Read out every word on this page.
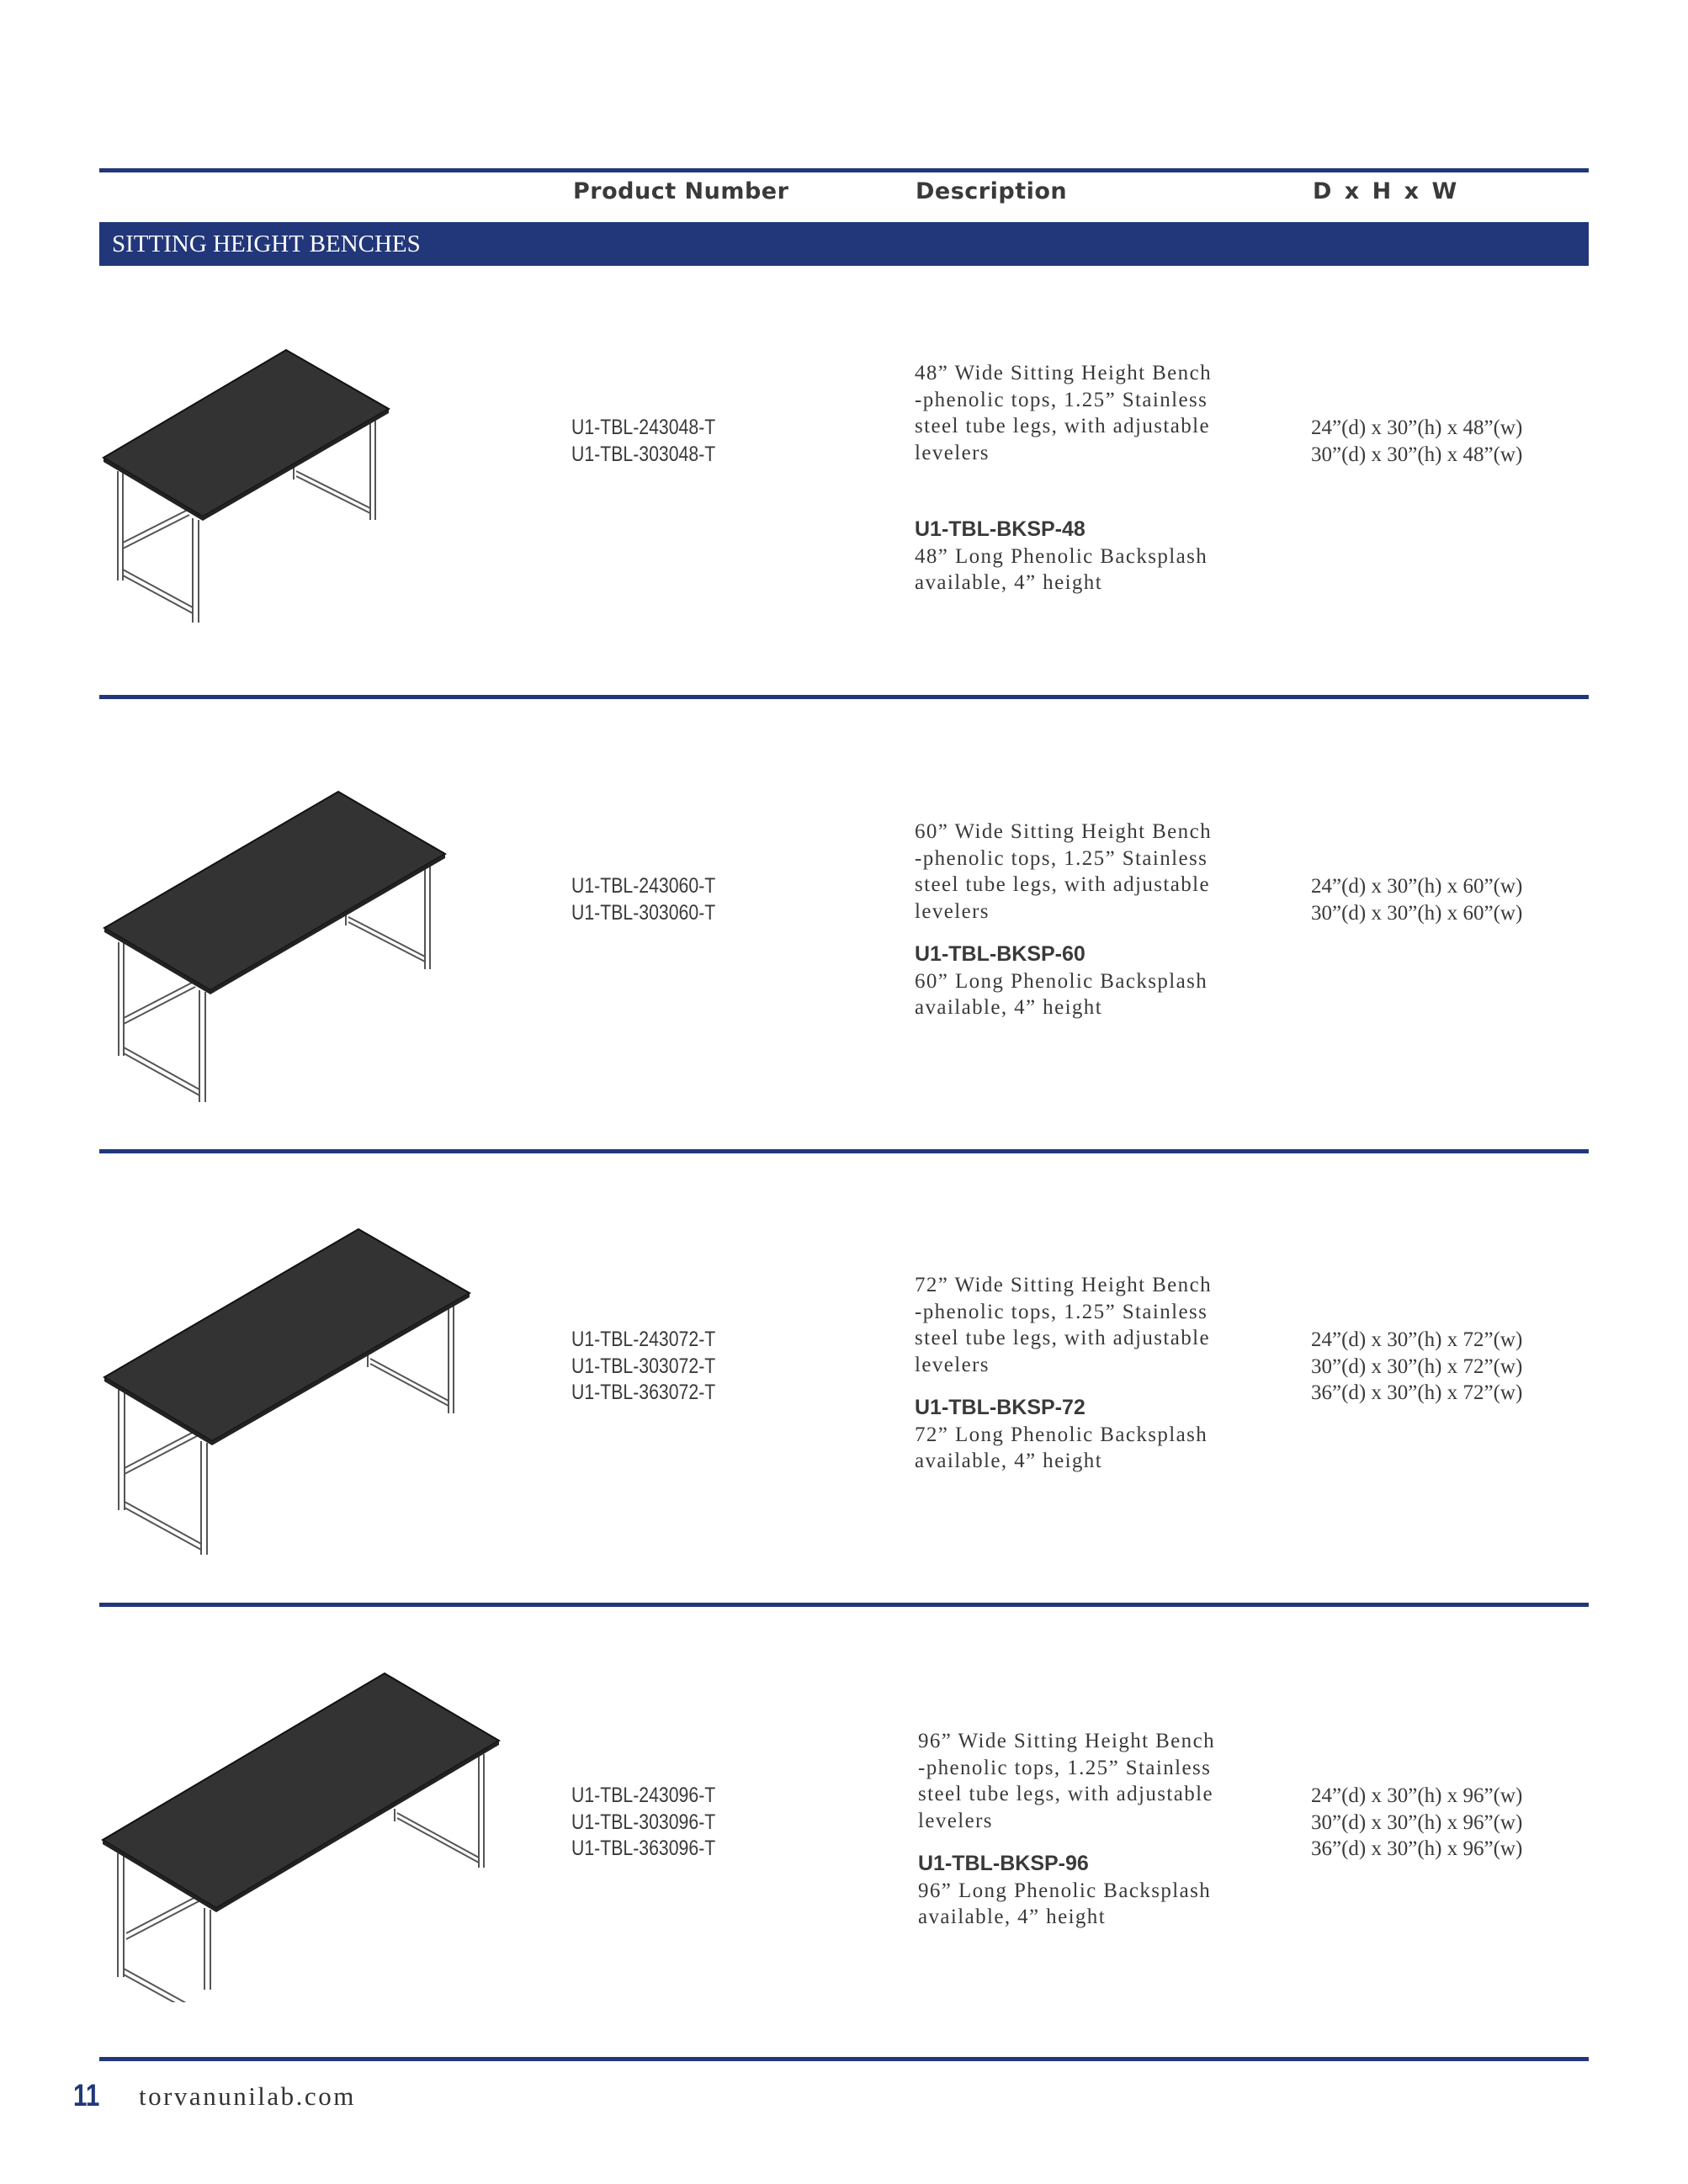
Product Number	Description	D x H x W
SITTING HEIGHT BENCHES
U1-TBL-243048-T
U1-TBL-303048-T
48” Wide Sitting Height Bench
-phenolic tops, 1.25” Stainless
steel tube legs, with adjustable
levelers
U1-TBL-BKSP-48
48” Long Phenolic Backsplash
available, 4” height
24”(d) x 30”(h) x 48”(w)
30”(d) x 30”(h) x 48”(w)
U1-TBL-243060-T
U1-TBL-303060-T
60” Wide Sitting Height Bench
-phenolic tops, 1.25” Stainless
steel tube legs, with adjustable
levelers
U1-TBL-BKSP-60
60” Long Phenolic Backsplash
available, 4” height
24”(d) x 30”(h) x 60”(w)
30”(d) x 30”(h) x 60”(w)
U1-TBL-243072-T
U1-TBL-303072-T
U1-TBL-363072-T
72” Wide Sitting Height Bench
-phenolic tops, 1.25” Stainless
steel tube legs, with adjustable
levelers
U1-TBL-BKSP-72
72” Long Phenolic Backsplash
available, 4” height
24”(d) x 30”(h) x 72”(w)
30”(d) x 30”(h) x 72”(w)
36”(d) x 30”(h) x 72”(w)
U1-TBL-243096-T
U1-TBL-303096-T
U1-TBL-363096-T
96” Wide Sitting Height Bench
-phenolic tops, 1.25” Stainless
steel tube legs, with adjustable
levelers
U1-TBL-BKSP-96
96” Long Phenolic Backsplash
available, 4” height
24”(d) x 30”(h) x 96”(w)
30”(d) x 30”(h) x 96”(w)
36”(d) x 30”(h) x 96”(w)
11 torvanunilab.com
